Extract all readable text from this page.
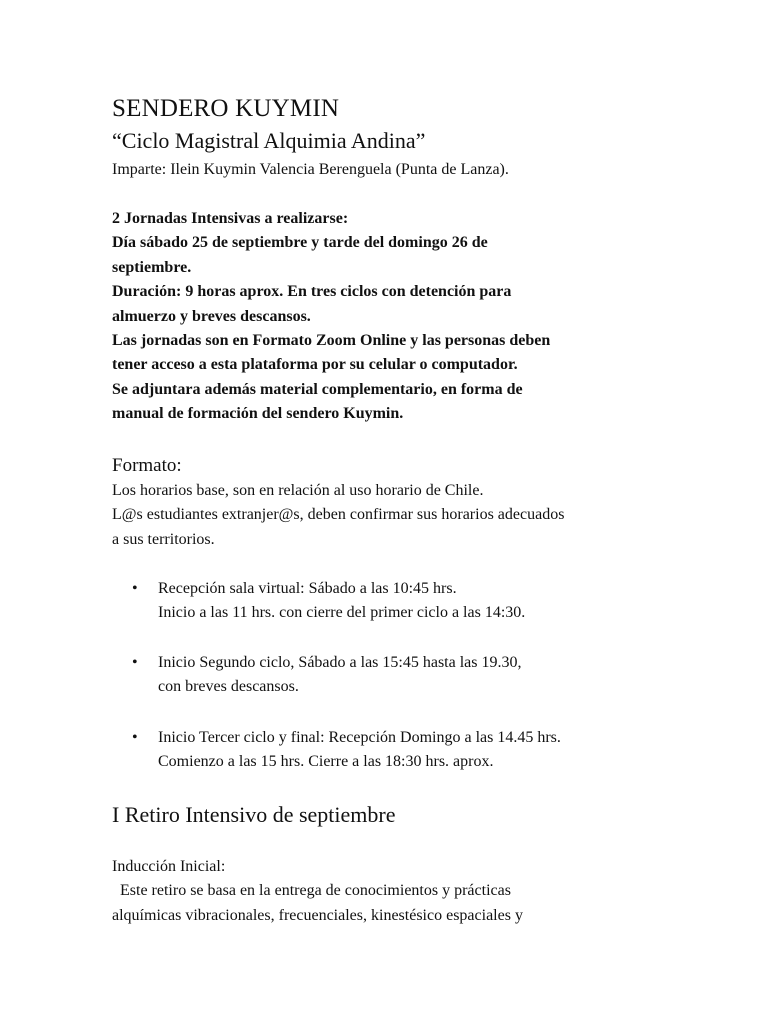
SENDERO KUYMIN
“Ciclo Magistral Alquimia Andina”
Imparte: Ilein Kuymin Valencia Berenguela (Punta de Lanza).
2 Jornadas Intensivas a realizarse:
Día sábado 25 de septiembre y tarde del domingo 26 de
septiembre.
Duración: 9 horas aprox. En tres ciclos con detención para
almuerzo y breves descansos.
Las jornadas son en Formato Zoom Online y las personas deben
tener acceso a esta plataforma por su celular o computador.
Se adjuntara además material complementario, en forma de
manual de formación del sendero Kuymin.
Formato:
Los horarios base, son en relación al uso horario de Chile.
L@s estudiantes extranjer@s, deben confirmar sus horarios adecuados
a sus territorios.
• Recepción sala virtual: Sábado a las 10:45 hrs.
Inicio a las 11 hrs. con cierre del primer ciclo a las 14:30.
• Inicio Segundo ciclo, Sábado a las 15:45 hasta las 19.30,
con breves descansos.
• Inicio Tercer ciclo y final: Recepción Domingo a las 14.45 hrs.
Comienzo a las 15 hrs. Cierre a las 18:30 hrs. aprox.
I Retiro Intensivo de septiembre
Inducción Inicial:
Este retiro se basa en la entrega de conocimientos y prácticas
alquímicas vibracionales, frecuenciales, kinestésico espaciales y
